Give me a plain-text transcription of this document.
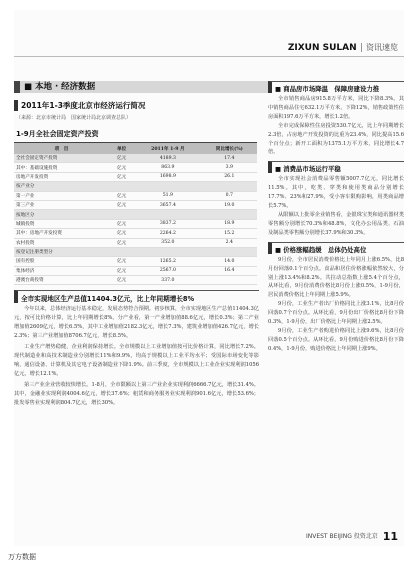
ZIXUN SULAN | 资讯速览
■ 本地 · 经济数据
2011年1-3季度北京市经济运行简况
（来源：北京市统计局　国家统计局北京调查总队）
1-9月全社会固定资产投资
项　目	单位	2011年 1-9 月	同比增长(%)
全社会固定资产投资	亿元	4189.3	17.4
其中：基础设施投资	亿元	863.9	3.9
房地产开发投资	亿元	1698.9	26.1
按产业分			
第一产业	亿元	51.9	0.7
第三产业	亿元	3657.4	19.0
按地区分			
城镇投资	亿元	3837.2	18.9
其中：房地产开发投资	亿元	2264.2	15.2
农村投资	亿元	352.0	2.4
按登记注册类型分			
国有控股	亿元	1265.2	14.0
集体经济	亿元	2567.0	16.4
港澳台商投资	亿元	337.0	
全市实现地区生产总值11404.3亿元，比上年同期增长8%

今年以来，总体经济运行基本稳定，发展态势符合预期。初步核算，全市实现地区生产总值11404.3亿元，按可比价格计算，比上年同期增长8%。分产业看，第一产业增加值88.6亿元，增长0.3%；第二产业增加值2609亿元，增长6.5%，其中工业增加值2182.3亿元，增长7.3%，建筑业增加值426.7亿元，增长2.3%；第三产业增加值8706.7亿元，增长8.5%。

工业生产增势稳健，企业利润保持增长。全市规模以上工业增加值按可比价格计算，同比增长7.2%。现代制造业和高技术制造业分别增长11%和9.9%，均高于规模以上工业平均水平；受国际市场变化等影响，通信设备、计算机及其它电子设备制造业下降1.9%。前三季度，全市规模以上工业企业实现利润1056亿元，增长12.1%。

第三产业企业营收较快增长。1-8月，全市限额以上第三产业企业实现利润6666.7亿元，增长31.4%。其中，金融业实现利润4004.6亿元，增长37.6%；租赁和商务服务业实现利润901.6亿元，增长53.6%；批发零售业实现利润804.7亿元，增长30%。

■ 商品房市场降温　保障房建设力推

全市销售商品房915.8万平方米，同比下降8.3%。其中销售商品住宅632.1万平方米，下降12%，销售政策性住房面积197.6万平方米，增长1.2倍。

全市完成保障性住房投资530.7亿元，比上年同期增长2.3倍，占房地产开发投资的比重为23.4%，同比提高15.6个百分点；新开工面积为1375.1万平方米，同比增长4.7倍。

■ 消费品市场运行平稳

全市实现社会消费品零售额5007.7亿元，同比增长11.5%。其中，吃类、穿类和使用类商品分别增长17.7%、23%和27.9%，受小客车限购影响，用类商品增长5.7%。

从限额以上批零企业销售看，金银珠宝类和通讯器材类零售额分别增长70.3%和48.8%，文化办公用品类、石油及制品类零售额分别增长37.9%和30.3%。

■ 价格涨幅趋缓　总体仍处高位

9月份，全市居民消费价格比上年同月上涨6.5%，比8月份回落0.1个百分点。食品和居住价格涨幅依然较大，分别上涨13.4%和8.2%。共拉动总指数上涨5.4个百分点，从环比看，9月份消费价格比8月份上涨0.5%，1-9月份，居民消费价格比上年同期上涨5.9%。

9月份，工业生产者出厂价格同比上涨3.1%，比8月份回落0.7个百分点。从环比看，9月份出厂价格比8月份下降0.3%，1-9月份，出厂价格比上年同期上涨2.5%。

9月份，工业生产者购进价格同比上涨9.6%，比8月份回落0.5个百分点。从环比看，9月份购进价格比8月份下降0.4%，1-9月份，购进价格比上年同期上涨9%。

INVEST BEIJING 投资北京 11
万方数据
